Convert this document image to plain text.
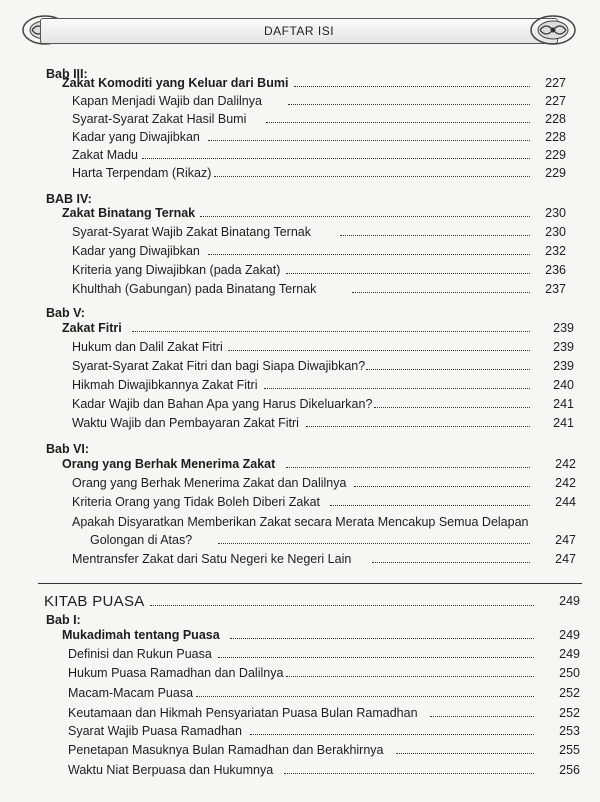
DAFTAR ISI
Bab III:
Zakat Komoditi yang Keluar dari Bumi	227
Kapan Menjadi Wajib dan Dalilnya	227
Syarat-Syarat Zakat Hasil Bumi	228
Kadar yang Diwajibkan	228
Zakat Madu	229
Harta Terpendam (Rikaz)	229
BAB IV:
Zakat Binatang Ternak	230
Syarat-Syarat Wajib Zakat Binatang Ternak	230
Kadar yang Diwajibkan	232
Kriteria yang Diwajibkan (pada Zakat)	236
Khulthah (Gabungan) pada Binatang Ternak	237
Bab V:
Zakat Fitri	239
Hukum dan Dalil Zakat Fitri	239
Syarat-Syarat Zakat Fitri dan bagi Siapa Diwajibkan?	239
Hikmah Diwajibkannya Zakat Fitri	240
Kadar Wajib dan Bahan Apa yang Harus Dikeluarkan?	241
Waktu Wajib dan Pembayaran Zakat Fitri	241
Bab VI:
Orang yang Berhak Menerima Zakat	242
Orang yang Berhak Menerima Zakat dan Dalilnya	242
Kriteria Orang yang Tidak Boleh Diberi Zakat	244
Apakah Disyaratkan Memberikan Zakat secara Merata Mencakup Semua Delapan
Golongan di Atas?	247
Mentransfer Zakat dari Satu Negeri ke Negeri Lain	247
KITAB PUASA	249
Bab I:
Mukadimah tentang Puasa	249
Definisi dan Rukun Puasa	249
Hukum Puasa Ramadhan dan Dalilnya	250
Macam-Macam Puasa	252
Keutamaan dan Hikmah Pensyariatan Puasa Bulan Ramadhan	252
Syarat Wajib Puasa Ramadhan	253
Penetapan Masuknya Bulan Ramadhan dan Berakhirnya	255
Waktu Niat Berpuasa dan Hukumnya	256
